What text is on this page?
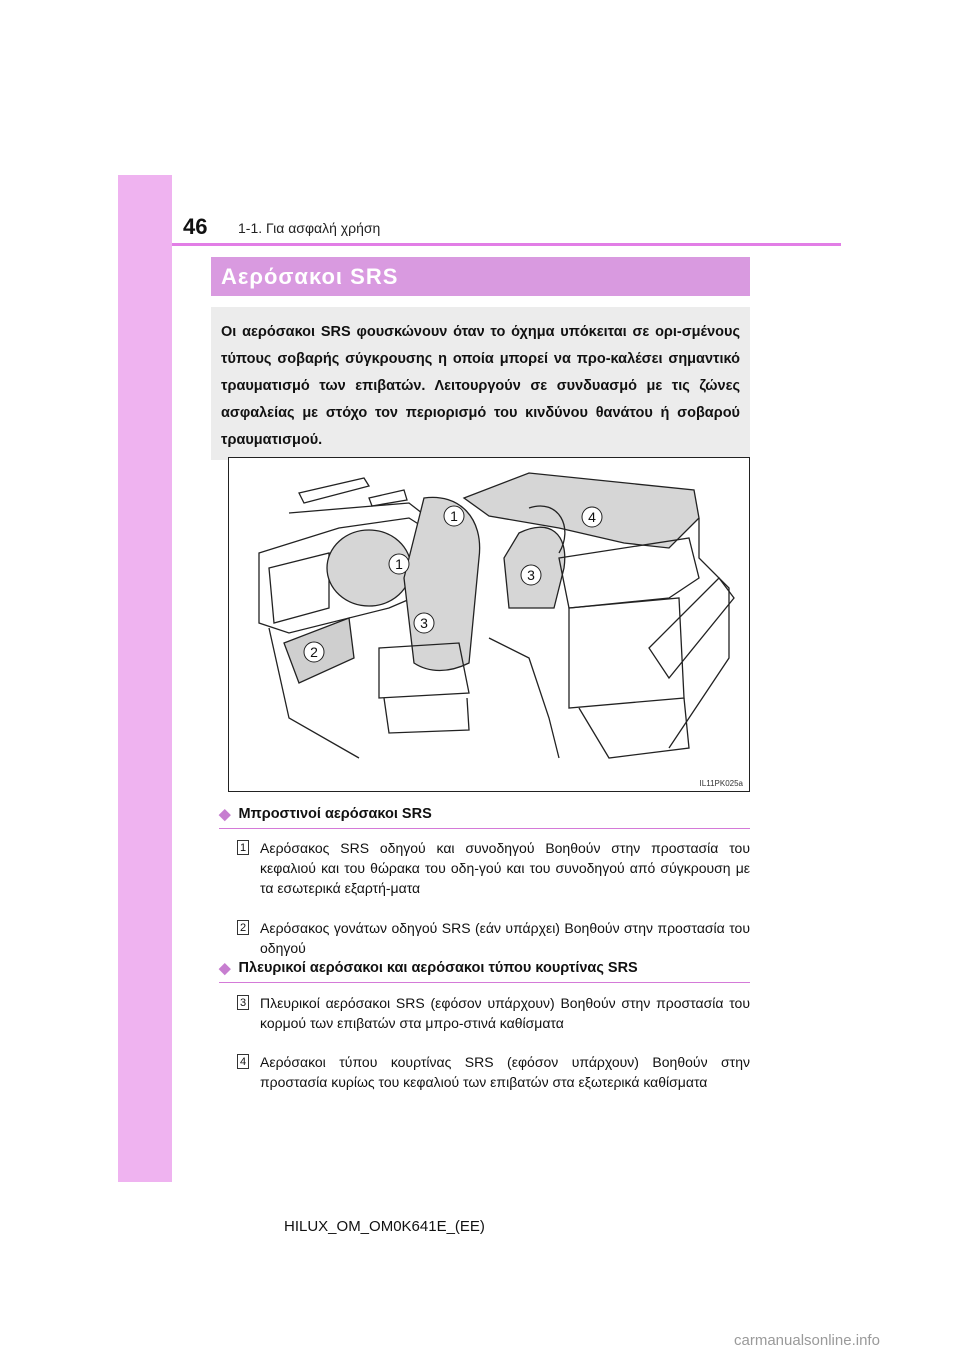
46 1-1. Για ασφαλή χρήση
Αερόσακοι SRS
Οι αερόσακοι SRS φουσκώνουν όταν το όχημα υπόκειται σε ορι-σμένους τύπους σοβαρής σύγκρουσης η οποία μπορεί να προ-καλέσει σημαντικό τραυματισμό των επιβατών. Λειτουργούν σε συνδυασμό με τις ζώνες ασφαλείας με στόχο τον περιορισμό του κινδύνου θανάτου ή σοβαρού τραυματισμού.
1
1
2
3
3
4
IL11PK025a
◆ Μπροστινοί αερόσακοι SRS
1 Αερόσακος SRS οδηγού και συνοδηγού Βοηθούν στην προστασία του κεφαλιού και του θώρακα του οδη-γού και του συνοδηγού από σύγκρουση με τα εσωτερικά εξαρτή-ματα
2 Αερόσακος γονάτων οδηγού SRS (εάν υπάρχει) Βοηθούν στην προστασία του οδηγού
◆ Πλευρικοί αερόσακοι και αερόσακοι τύπου κουρτίνας SRS
3 Πλευρικοί αερόσακοι SRS (εφόσον υπάρχουν) Βοηθούν στην προστασία του κορμού των επιβατών στα μπρο-στινά καθίσματα
4 Αερόσακοι τύπου κουρτίνας SRS (εφόσον υπάρχουν) Βοηθούν στην προστασία κυρίως του κεφαλιού των επιβατών στα εξωτερικά καθίσματα
HILUX_OM_OM0K641E_(EE)
carmanualsonline.info
